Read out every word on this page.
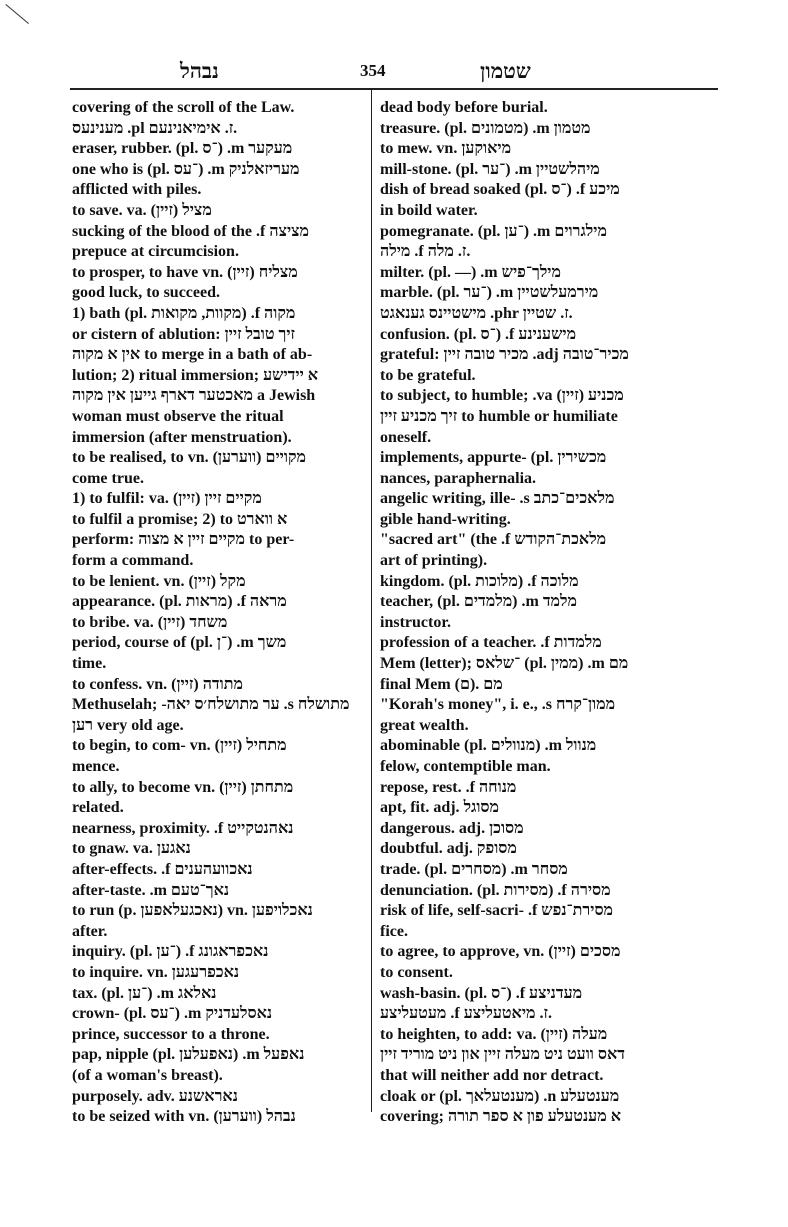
נבהל	354	שטמון
covering of the scroll of the Law.
מענינעס .pl ז. אימיאנינעם.
eraser, rubber. (pl. ־ס) .m מעקער
one who is (pl. ־עס) .m מעריזאלניק
afflicted with piles.
to save. va. (זיין) מציל
sucking of the blood of the .f מציצה
prepuce at circumcision.
to prosper, to have vn. (זיין) מצליח
good luck, to succeed.
1) bath (pl. מקוות, מקואות) .f מקוה
or cistern of ablution: זיך טובל זיין
אין א מקוה to merge in a bath of ab-
lution; 2) ritual immersion; א יידישע
מאכטער דארף גייען אין מקוה a Jewish
woman must observe the ritual
immersion (after menstruation).
to be realised, to vn. (ווערען) מקויים
come true.
1) to fulfil: va. (זיין) מקיים זיין
to fulfil a promise; 2) to א ווארט
perform: מקיים זיין א מצוה to per-
form a command.
to be lenient. vn. (זיין) מקל
appearance. (pl. מראות) .f מראה
to bribe. va. (זיין) משחד
period, course of (pl. ־ן) .m משך
time.
to confess. vn. (זיין) מתודה
Methuselah; -ער מתושלח׳ס יאה .s מתושלח
רען very old age.
to begin, to com- vn. (זיין) מתחיל
mence.
to ally, to become vn. (זיין) מתחתן
related.
nearness, proximity. .f נאהנטקייט
to gnaw. va. נאגען
after-effects. .f נאכוועהענים
after-taste. .m נאך־טעם
to run (p. נאכגעלאפען) vn. נאכלויפען
after.
inquiry. (pl. ־ען) .f נאכפראגונג
to inquire. vn. נאכפרעגען
tax. (pl. ־ען) .m נאלאג
crown- (pl. ־עס) .m נאסלעדניק
prince, successor to a throne.
pap, nipple (pl. נאפעלען) .m נאפעל
(of a woman's breast).
purposely. adv. נאראשנע
to be seized with vn. (ווערען) נבהל
dead body before burial.
treasure. (pl. מטמונים) .m מטמון
to mew. vn. מיאוקען
mill-stone. (pl. ־ער) .m מיהלשטיין
dish of bread soaked (pl. ־ס) .f מיכע
in boild water.
pomegranate. (pl. ־ען) .m מילגרוים
מילה .f ז. מלה.
milter. (pl. —) .m מילך־פיש
marble. (pl. ־ער) .m מירמעלשטיין
מישטיינס גענאגט .phr ז. שטיין.
confusion. (pl. ־ס) .f מישענינע
grateful: מכיר טובה זיין .adj מכיר־טובה
to be grateful.
to subject, to humble; .va (זיין) מכניע
זיך מכניע זיין to humble or humiliate
oneself.
implements, appurte- (pl. מכשירין
nances, paraphernalia.
angelic writing, ille- .s מלאכים־כתב
gible hand-writing.
"sacred art" (the .f מלאכת־הקודש
art of printing).
kingdom. (pl. מלוכות) .f מלוכה
teacher, (pl. מלמדים) .m מלמד
instructor.
profession of a teacher. .f מלמדות
Mem (letter); ־שלאס (pl. ממין) .m מם
final Mem (ם). מם
"Korah's money", i. e., .s ממון־קרח
great wealth.
abominable (pl. מנוולים) .m מנוול
felow, contemptible man.
repose, rest. .f מנוחה
apt, fit. adj. מסוגל
dangerous. adj. מסוכן
doubtful. adj. מסופק
trade. (pl. מסחרים) .m מסחר
denunciation. (pl. מסירות) .f מסירה
risk of life, self-sacri- .f מסירת־נפש
fice.
to agree, to approve, vn. (זיין) מסכים
to consent.
wash-basin. (pl. ־ס) .f מעדניצע
מעטעליצע .f ז. מיאטעליצע.
to heighten, to add: va. (זיין) מעלה
דאס וועט ניט מעלה זיין און ניט מוריד זיין
that will neither add nor detract.
cloak or (pl. מענטעלאך) .n מענטעלע
covering; א מענטעלע פון א ספר תורה
